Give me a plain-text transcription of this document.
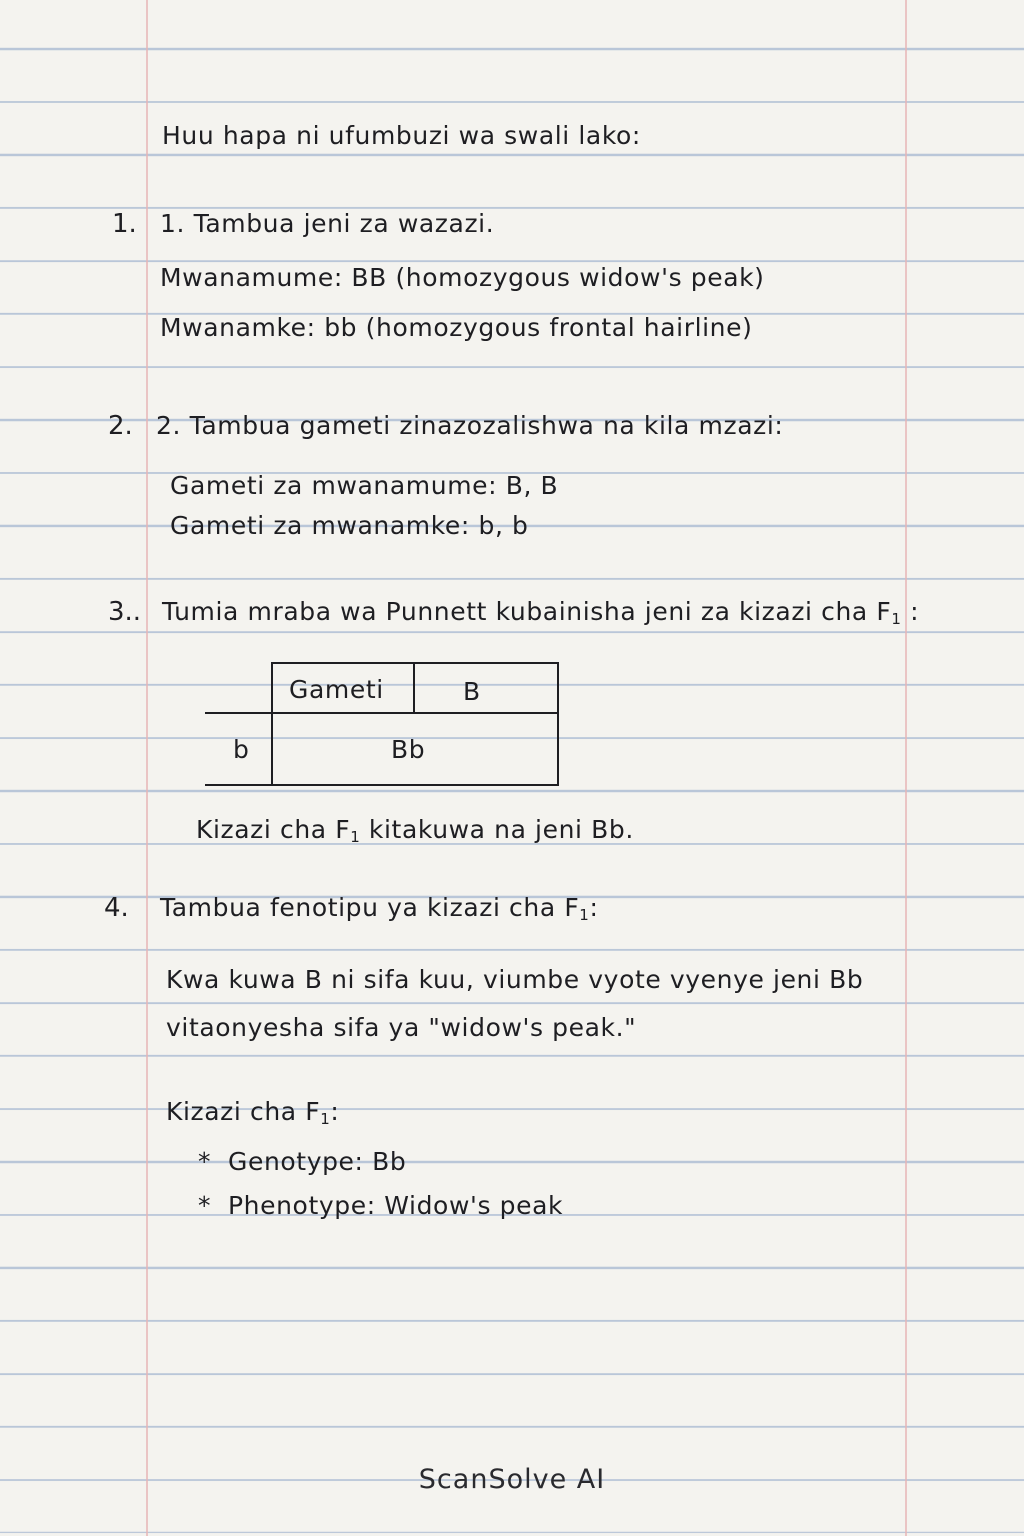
Huu hapa ni ufumbuzi wa swali lako:
1. 1. Tambua jeni za wazazi.
Mwanamume: BB (homozygous widow's peak)
Mwanamke: bb (homozygous frontal hairline)
2. 2. Tambua gameti zinazozalishwa na kila mzazi:
Gameti za mwanamume: B, B
Gameti za mwanamke: b, b
3.. Tumia mraba wa Punnett kubainisha jeni za kizazi cha $F_1$ :
Gameti	B
b	Bb
Kizazi cha $F_1$ kitakuwa na jeni Bb.
4. Tambua fenotipu ya kizazi cha $F_1$:
Kwa kuwa B ni sifa kuu, viumbe vyote vyenye jeni Bb
vitaonyesha sifa ya "widow's peak."
Kizazi cha $F_1$:
* Genotype: Bb
* Phenotype: Widow's peak
ScanSolve AI
